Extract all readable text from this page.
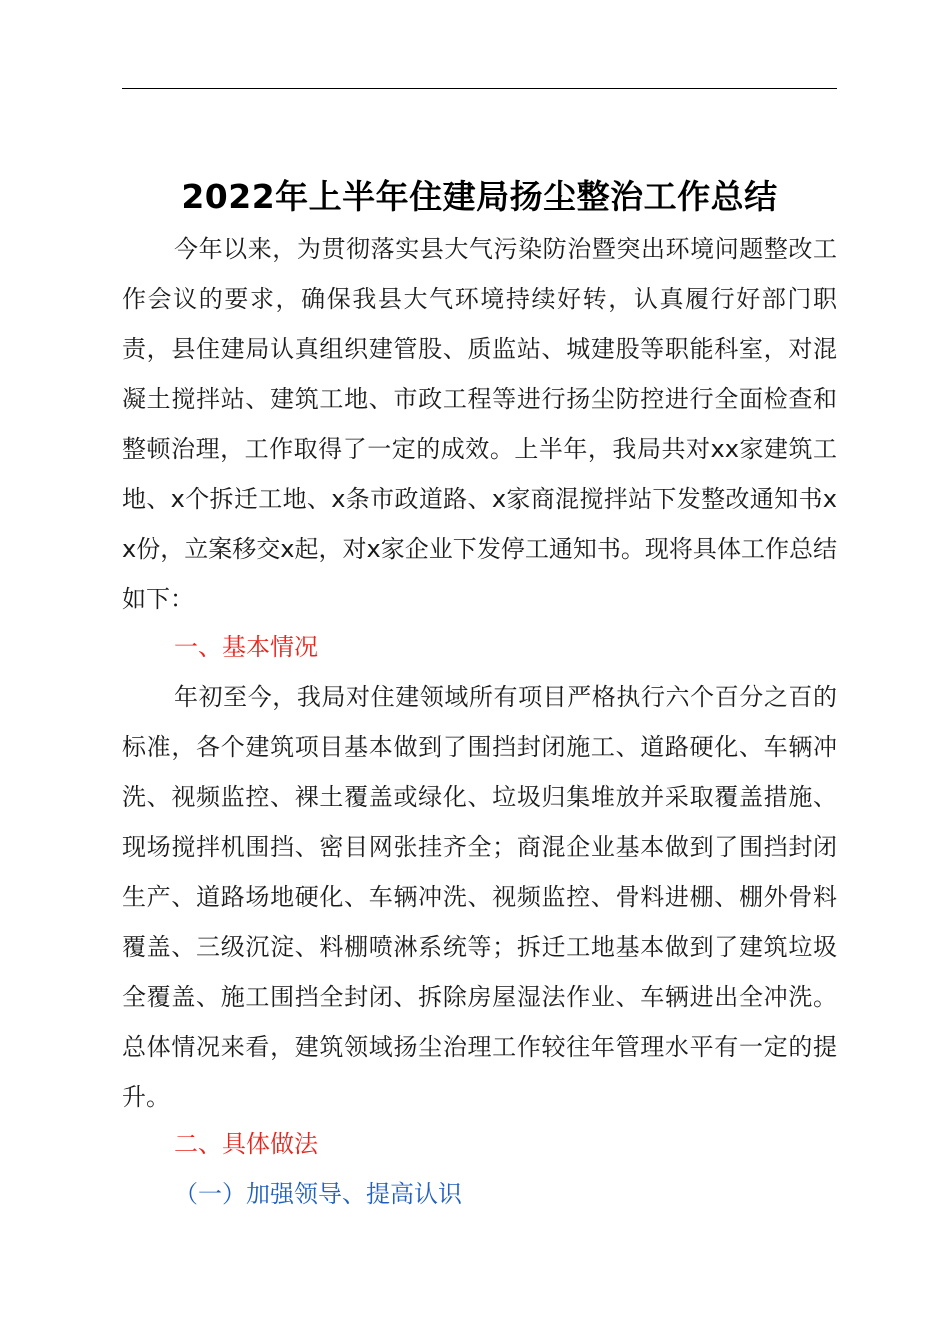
2022年上半年住建局扬尘整治工作总结

今年以来，为贯彻落实县大气污染防治暨突出环境问题整改工作会议的要求，确保我县大气环境持续好转，认真履行好部门职责，县住建局认真组织建管股、质监站、城建股等职能科室，对混凝土搅拌站、建筑工地、市政工程等进行扬尘防控进行全面检查和整顿治理，工作取得了一定的成效。上半年，我局共对xx家建筑工地、x个拆迁工地、x条市政道路、x家商混搅拌站下发整改通知书xx份，立案移交x起，对x家企业下发停工通知书。现将具体工作总结如下：

一、基本情况

年初至今，我局对住建领域所有项目严格执行六个百分之百的标准，各个建筑项目基本做到了围挡封闭施工、道路硬化、车辆冲洗、视频监控、裸土覆盖或绿化、垃圾归集堆放并采取覆盖措施、现场搅拌机围挡、密目网张挂齐全；商混企业基本做到了围挡封闭生产、道路场地硬化、车辆冲洗、视频监控、骨料进棚、棚外骨料覆盖、三级沉淀、料棚喷淋系统等；拆迁工地基本做到了建筑垃圾全覆盖、施工围挡全封闭、拆除房屋湿法作业、车辆进出全冲洗。总体情况来看，建筑领域扬尘治理工作较往年管理水平有一定的提升。

二、具体做法

（一）加强领导、提高认识
